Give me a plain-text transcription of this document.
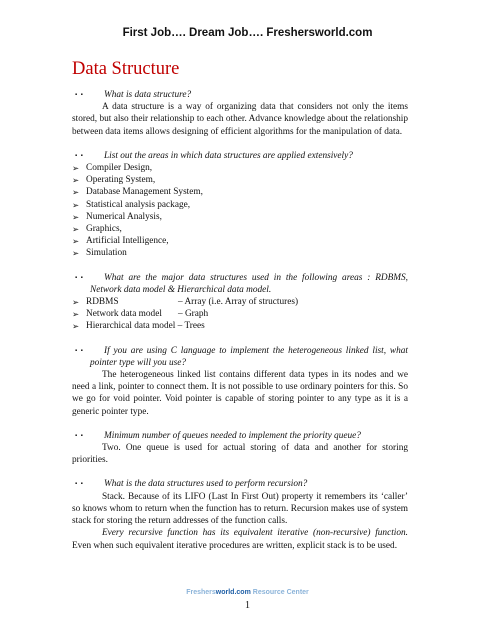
First Job…. Dream Job…. Freshersworld.com
Data Structure
▪ ▪ What is data structure?

A data structure is a way of organizing data that considers not only the items stored, but also their relationship to each other. Advance knowledge about the relationship between data items allows designing of efficient algorithms for the manipulation of data.

▪ ▪ List out the areas in which data structures are applied extensively?
➢ Compiler Design,
➢ Operating System,
➢ Database Management System,
➢ Statistical analysis package,
➢ Numerical Analysis,
➢ Graphics,
➢ Artificial Intelligence,
➢ Simulation
▪ ▪ What are the major data structures used in the following areas : RDBMS, Network data model & Hierarchical data model.
➢ RDBMS	– Array (i.e. Array of structures)
➢ Network data model – Graph
➢ Hierarchical data model – Trees
▪ ▪ If you are using C language to implement the heterogeneous linked list, what pointer type will you use?

The heterogeneous linked list contains different data types in its nodes and we need a link, pointer to connect them. It is not possible to use ordinary pointers for this. So we go for void pointer. Void pointer is capable of storing pointer to any type as it is a generic pointer type.

▪ ▪ Minimum number of queues needed to implement the priority queue?

Two. One queue is used for actual storing of data and another for storing priorities.

▪ ▪ What is the data structures used to perform recursion?

Stack. Because of its LIFO (Last In First Out) property it remembers its ‘caller’ so knows whom to return when the function has to return. Recursion makes use of system stack for storing the return addresses of the function calls.

Every recursive function has its equivalent iterative (non-recursive) function. Even when such equivalent iterative procedures are written, explicit stack is to be used.

Freshersworld.com Resource Center
1
